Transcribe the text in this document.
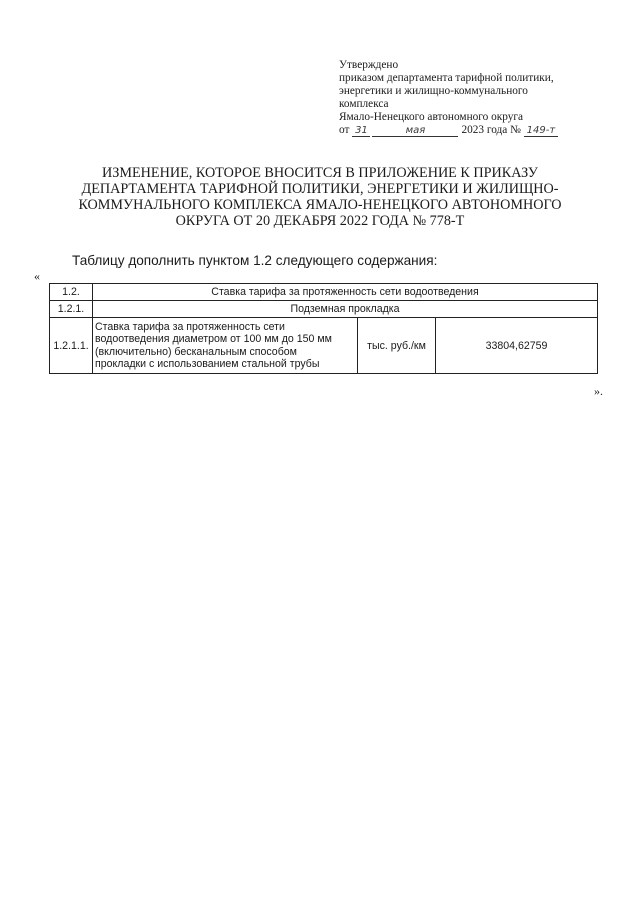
Утверждено
приказом департамента тарифной политики,
энергетики и жилищно-коммунального
комплекса
Ямало-Ненецкого автономного округа
от 31	мая	2023 года № 149-т
ИЗМЕНЕНИЕ, КОТОРОЕ ВНОСИТСЯ В ПРИЛОЖЕНИЕ К ПРИКАЗУ
ДЕПАРТАМЕНТА ТАРИФНОЙ ПОЛИТИКИ, ЭНЕРГЕТИКИ И ЖИЛИЩНО-
КОММУНАЛЬНОГО КОМПЛЕКСА ЯМАЛО-НЕНЕЦКОГО АВТОНОМНОГО
ОКРУГА ОТ 20 ДЕКАБРЯ 2022 ГОДА № 778-Т
Таблицу дополнить пунктом 1.2 следующего содержания:
«
1.2.	Ставка тарифа за протяженность сети водоотведения		
1.2.1.	Подземная прокладка		
1.2.1.1.	Ставка тарифа за протяженность сети
водоотведения диаметром от 100 мм до 150 мм
(включительно) бесканальным способом
прокладки с использованием стальной трубы	тыс. руб./км	33804,62759
».
